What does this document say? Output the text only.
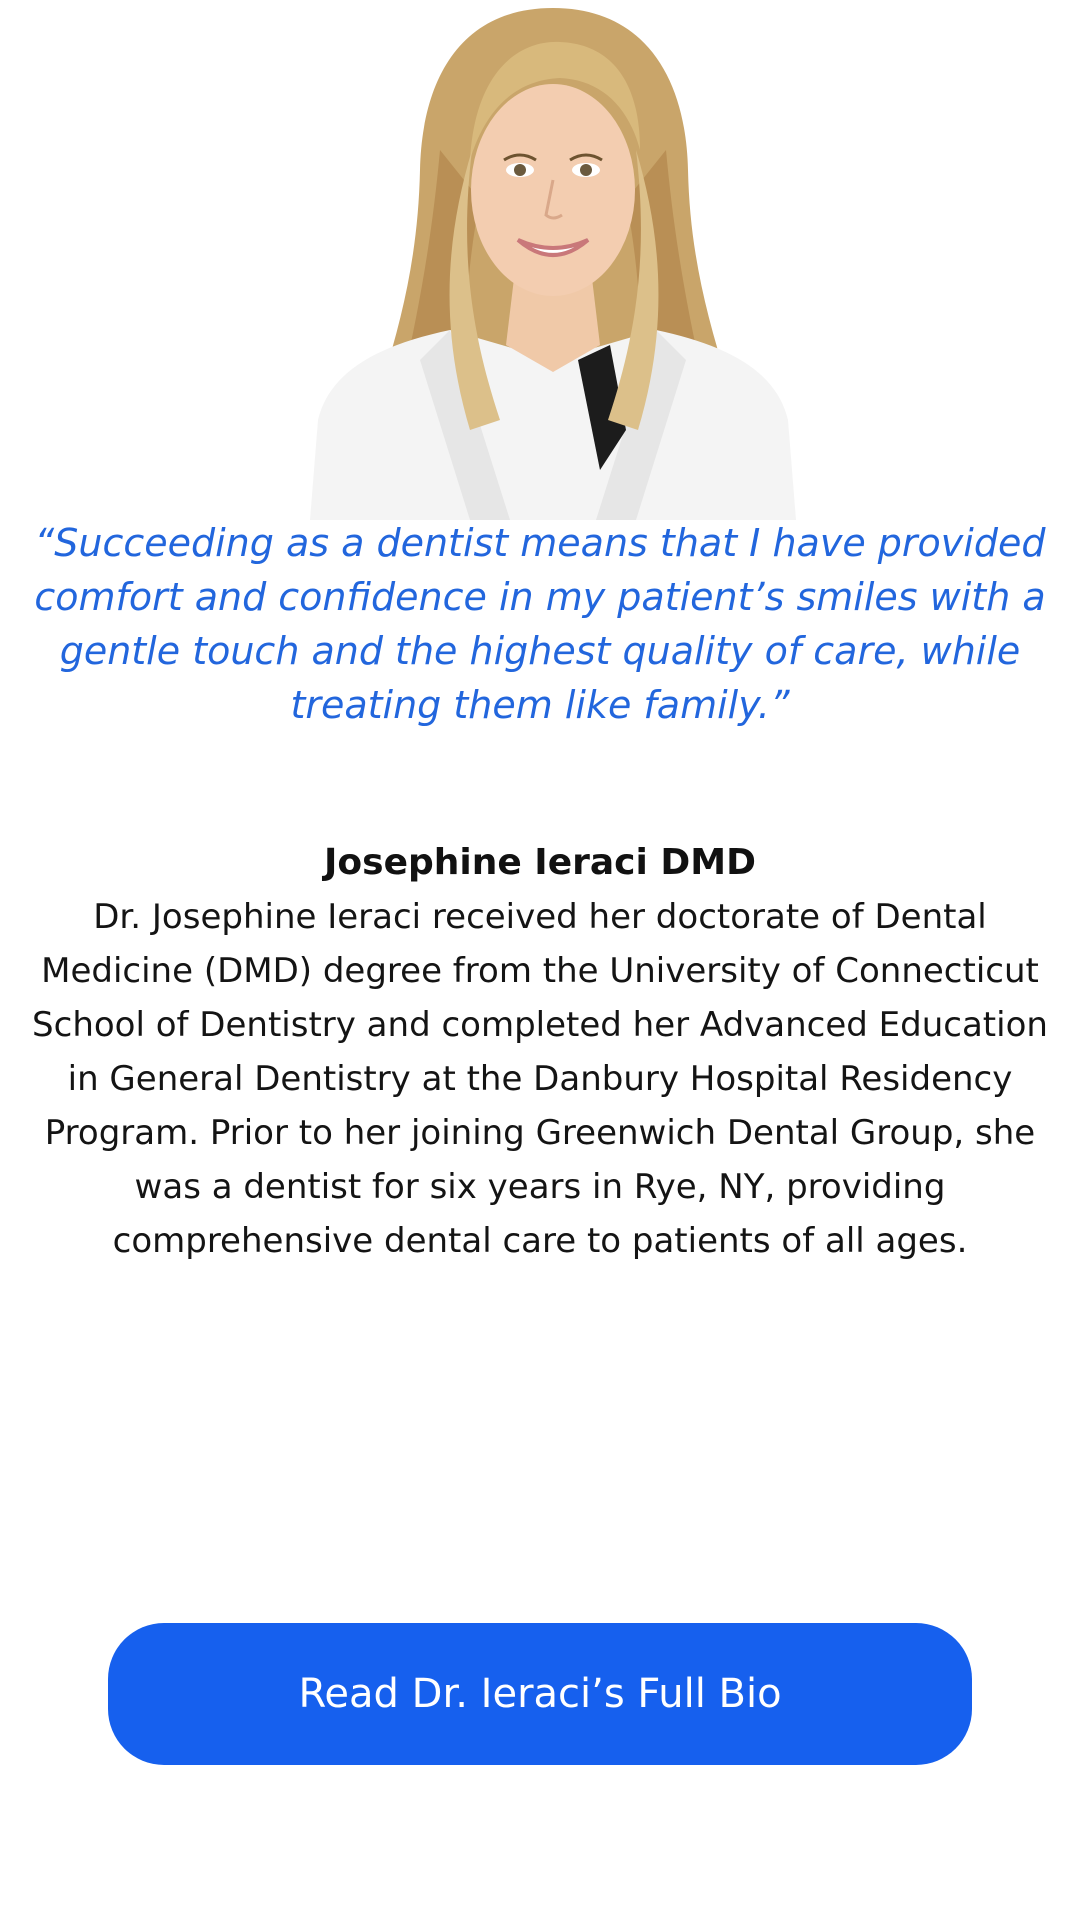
“Succeeding as a dentist means that I have provided comfort and confidence in my patient’s smiles with a gentle touch and the highest quality of care, while treating them like family.”

Josephine Ieraci DMD

Dr. Josephine Ieraci received her doctorate of Dental Medicine (DMD) degree from the University of Connecticut School of Dentistry and completed her Advanced Education in General Dentistry at the Danbury Hospital Residency Program. Prior to her joining Greenwich Dental Group, she was a dentist for six years in Rye, NY, providing comprehensive dental care to patients of all ages.

Read Dr. Ieraci’s Full Bio
